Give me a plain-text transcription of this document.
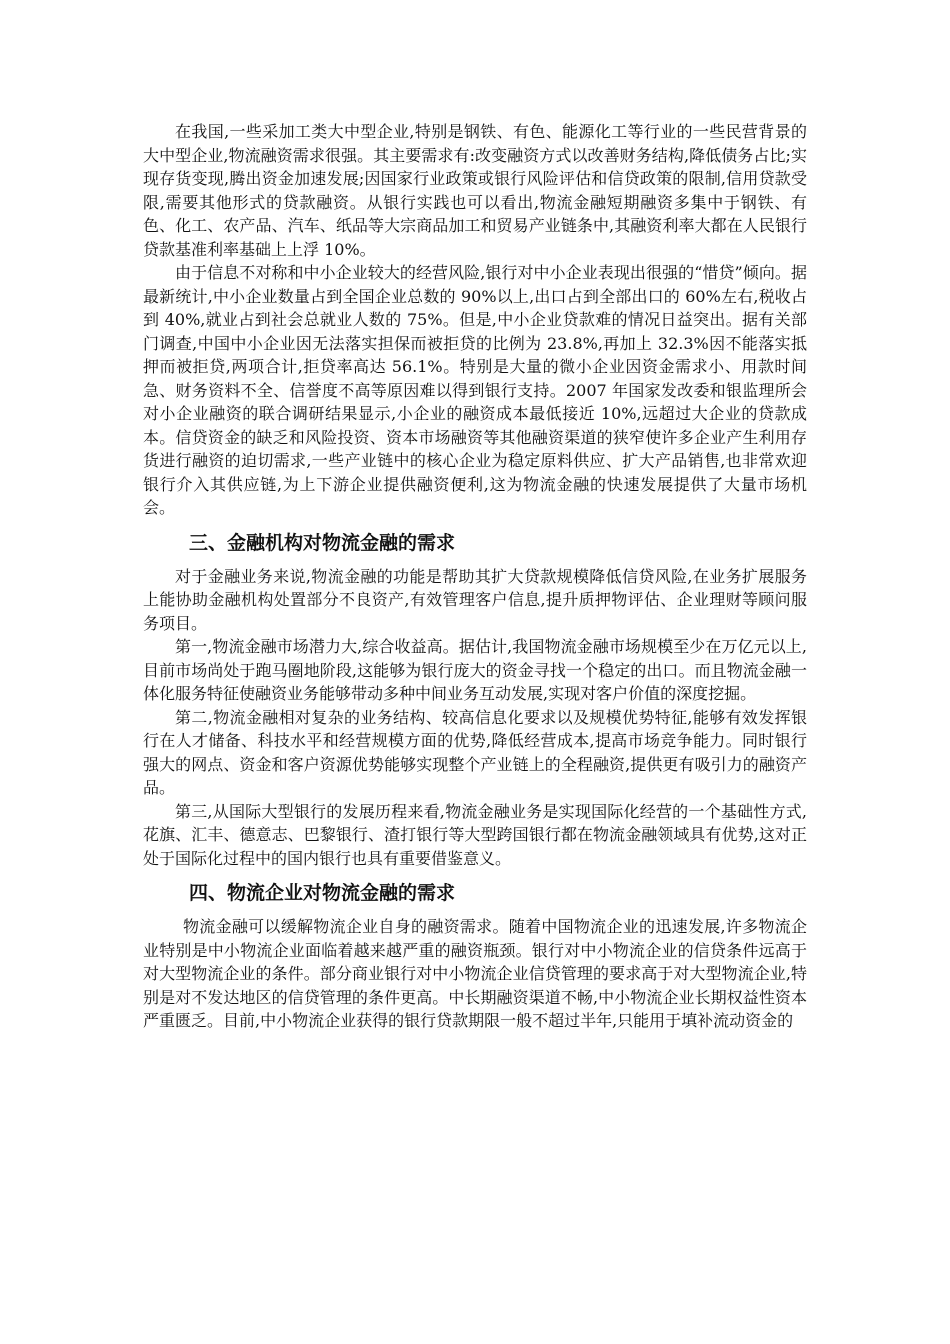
在我国,一些采加工类大中型企业,特别是钢铁、有色、能源化工等行业的一些民营背景的大中型企业,物流融资需求很强。其主要需求有:改变融资方式以改善财务结构,降低债务占比;实现存货变现,腾出资金加速发展;因国家行业政策或银行风险评估和信贷政策的限制,信用贷款受限,需要其他形式的贷款融资。从银行实践也可以看出,物流金融短期融资多集中于钢铁、有色、化工、农产品、汽车、纸品等大宗商品加工和贸易产业链条中,其融资利率大都在人民银行贷款基准利率基础上上浮 10%。

由于信息不对称和中小企业较大的经营风险,银行对中小企业表现出很强的“惜贷”倾向。据最新统计,中小企业数量占到全国企业总数的 90%以上,出口占到全部出口的 60%左右,税收占到 40%,就业占到社会总就业人数的 75%。但是,中小企业贷款难的情况日益突出。据有关部门调查,中国中小企业因无法落实担保而被拒贷的比例为 23.8%,再加上 32.3%因不能落实抵押而被拒贷,两项合计,拒贷率高达 56.1%。特别是大量的微小企业因资金需求小、用款时间急、财务资料不全、信誉度不高等原因难以得到银行支持。2007 年国家发改委和银监理所会对小企业融资的联合调研结果显示,小企业的融资成本最低接近 10%,远超过大企业的贷款成本。信贷资金的缺乏和风险投资、资本市场融资等其他融资渠道的狭窄使许多企业产生利用存货进行融资的迫切需求,一些产业链中的核心企业为稳定原料供应、扩大产品销售,也非常欢迎银行介入其供应链,为上下游企业提供融资便利,这为物流金融的快速发展提供了大量市场机会。

三、金融机构对物流金融的需求

对于金融业务来说,物流金融的功能是帮助其扩大贷款规模降低信贷风险,在业务扩展服务上能协助金融机构处置部分不良资产,有效管理客户信息,提升质押物评估、企业理财等顾问服务项目。

第一,物流金融市场潜力大,综合收益高。据估计,我国物流金融市场规模至少在万亿元以上,目前市场尚处于跑马圈地阶段,这能够为银行庞大的资金寻找一个稳定的出口。而且物流金融一体化服务特征使融资业务能够带动多种中间业务互动发展,实现对客户价值的深度挖掘。

第二,物流金融相对复杂的业务结构、较高信息化要求以及规模优势特征,能够有效发挥银行在人才储备、科技水平和经营规模方面的优势,降低经营成本,提高市场竞争能力。同时银行强大的网点、资金和客户资源优势能够实现整个产业链上的全程融资,提供更有吸引力的融资产品。

第三,从国际大型银行的发展历程来看,物流金融业务是实现国际化经营的一个基础性方式,花旗、汇丰、德意志、巴黎银行、渣打银行等大型跨国银行都在物流金融领域具有优势,这对正处于国际化过程中的国内银行也具有重要借鉴意义。

四、物流企业对物流金融的需求

物流金融可以缓解物流企业自身的融资需求。随着中国物流企业的迅速发展,许多物流企业特别是中小物流企业面临着越来越严重的融资瓶颈。银行对中小物流企业的信贷条件远高于对大型物流企业的条件。部分商业银行对中小物流企业信贷管理的要求高于对大型物流企业,特别是对不发达地区的信贷管理的条件更高。中长期融资渠道不畅,中小物流企业长期权益性资本严重匮乏。目前,中小物流企业获得的银行贷款期限一般不超过半年,只能用于填补流动资金的
